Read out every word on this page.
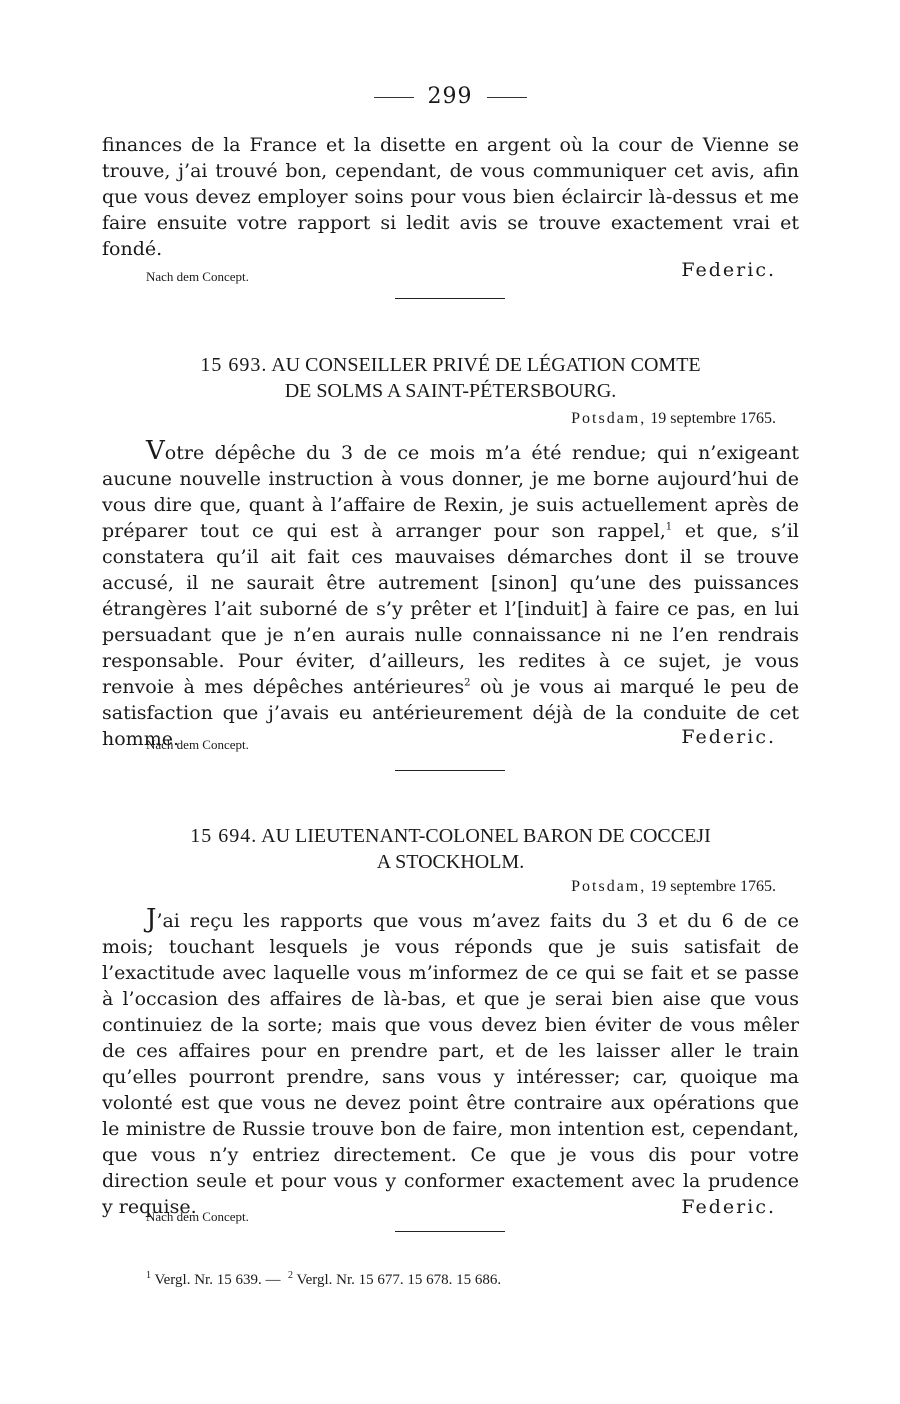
299

finances de la France et la disette en argent où la cour de Vienne se trouve, j’ai trouvé bon, cependant, de vous communiquer cet avis, afin que vous devez employer soins pour vous bien éclaircir là-dessus et me faire ensuite votre rapport si ledit avis se trouve exactement vrai et fondé.

Nach dem Concept.	Federic.
15 693. AU CONSEILLER PRIVÉ DE LÉGATION COMTE
DE SOLMS A SAINT-PÉTERSBOURG.
Potsdam, 19 septembre 1765.

Votre dépêche du 3 de ce mois m’a été rendue; qui n’exigeant aucune nouvelle instruction à vous donner, je me borne aujourd’hui de vous dire que, quant à l’affaire de Rexin, je suis actuellement après de préparer tout ce qui est à arranger pour son rappel,$^1$ et que, s’il constatera qu’il ait fait ces mauvaises démarches dont il se trouve accusé, il ne saurait être autrement [sinon] qu’une des puissances étrangères l’ait suborné de s’y prêter et l’[induit] à faire ce pas, en lui persuadant que je n’en aurais nulle connaissance ni ne l’en rendrais responsable. Pour éviter, d’ailleurs, les redites à ce sujet, je vous renvoie à mes dépêches antérieures$^2$ où je vous ai marqué le peu de satisfaction que j’avais eu antérieurement déjà de la conduite de cet homme.

Nach dem Concept.	Federic.
15 694. AU LIEUTENANT-COLONEL BARON DE COCCEJI
A STOCKHOLM.
Potsdam, 19 septembre 1765.

J’ai reçu les rapports que vous m’avez faits du 3 et du 6 de ce mois; touchant lesquels je vous réponds que je suis satisfait de l’exactitude avec laquelle vous m’informez de ce qui se fait et se passe à l’occasion des affaires de là-bas, et que je serai bien aise que vous continuiez de la sorte; mais que vous devez bien éviter de vous mêler de ces affaires pour en prendre part, et de les laisser aller le train qu’elles pourront prendre, sans vous y intéresser; car, quoique ma volonté est que vous ne devez point être contraire aux opérations que le ministre de Russie trouve bon de faire, mon intention est, cependant, que vous n’y entriez directement. Ce que je vous dis pour votre direction seule et pour vous y conformer exactement avec la prudence y requise.

Nach dem Concept.	Federic.
$^1$ Vergl. Nr. 15 639. — $^2$ Vergl. Nr. 15 677. 15 678. 15 686.
